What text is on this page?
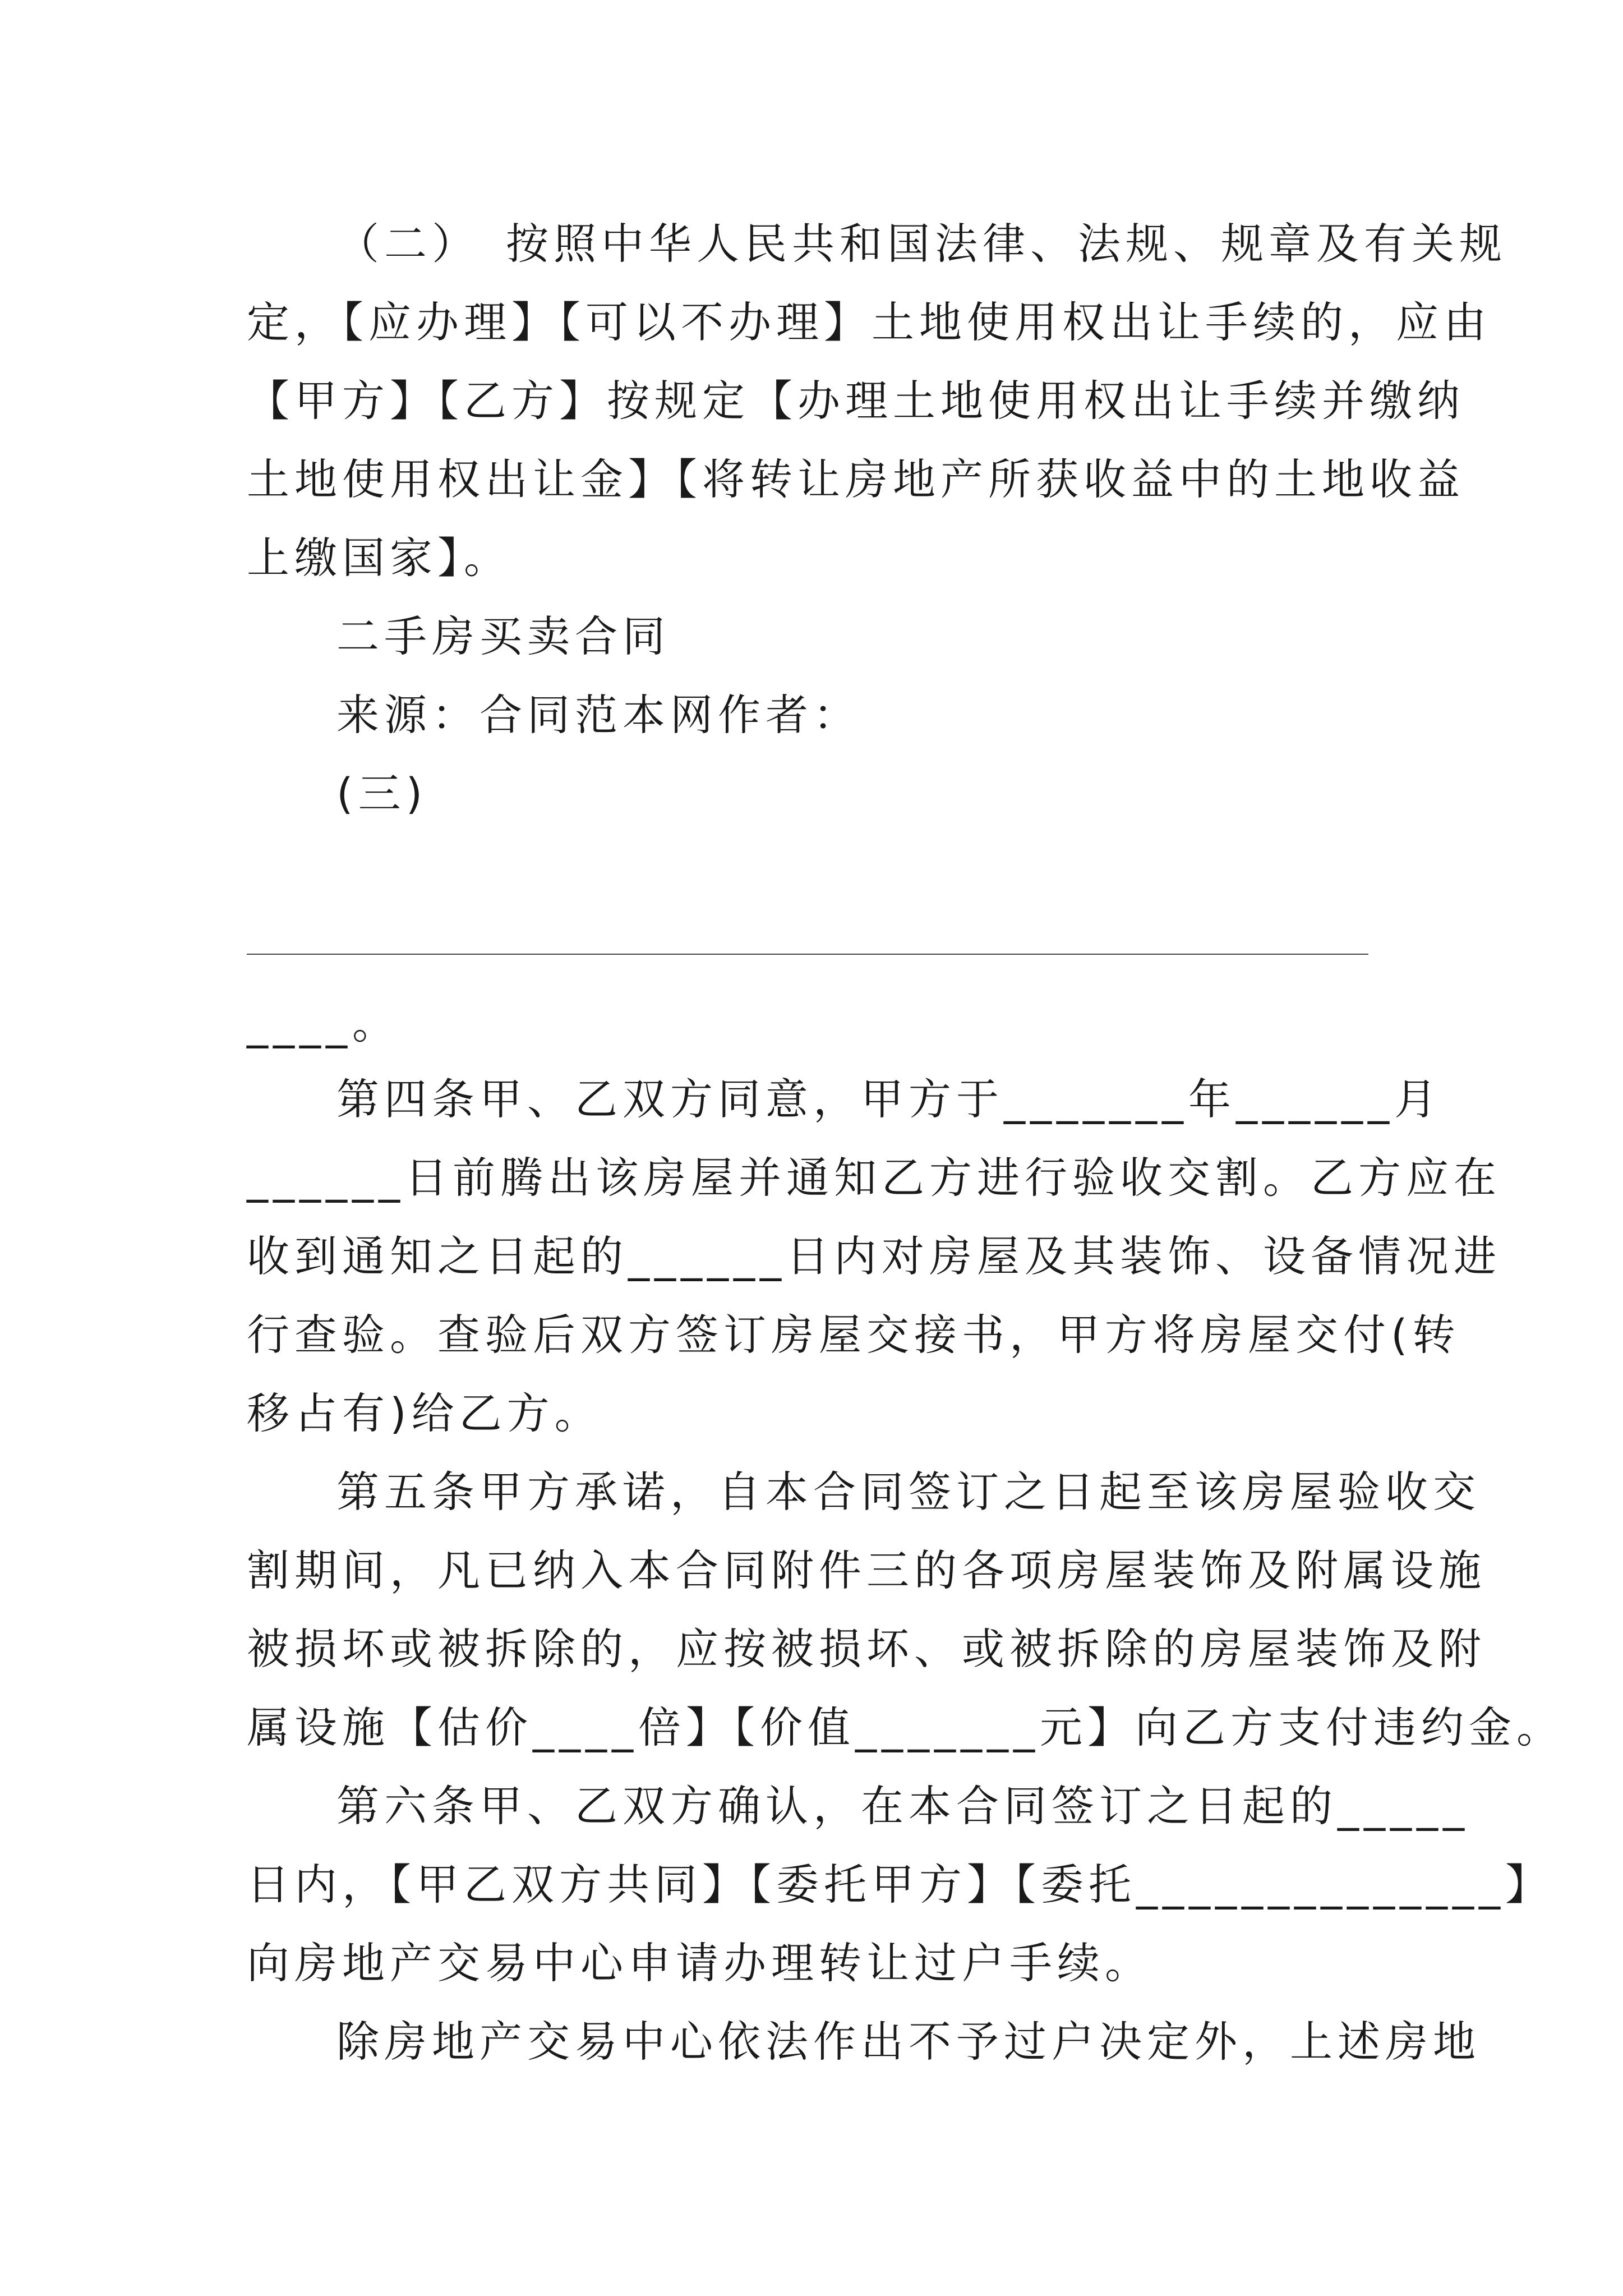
（二）　按照中华人民共和国法律、法规、规章及有关规
定，【应办理】【可以不办理】土地使用权出让手续的，应由
【甲方】【乙方】按规定【办理土地使用权出让手续并缴纳
土地使用权出让金】【将转让房地产所获收益中的土地收益
上缴国家】。
二手房买卖合同
来源：合同范本网作者：
(三)
____。
第四条甲、乙双方同意，甲方于_______年______月
______日前腾出该房屋并通知乙方进行验收交割。乙方应在
收到通知之日起的______日内对房屋及其装饰、设备情况进
行查验。查验后双方签订房屋交接书，甲方将房屋交付(转
移占有)给乙方。
第五条甲方承诺，自本合同签订之日起至该房屋验收交
割期间，凡已纳入本合同附件三的各项房屋装饰及附属设施
被损坏或被拆除的，应按被损坏、或被拆除的房屋装饰及附
属设施【估价____倍】【价值_______元】向乙方支付违约金。
第六条甲、乙双方确认，在本合同签订之日起的_____
日内，【甲乙双方共同】【委托甲方】【委托______________】
向房地产交易中心申请办理转让过户手续。
除房地产交易中心依法作出不予过户决定外，上述房地
